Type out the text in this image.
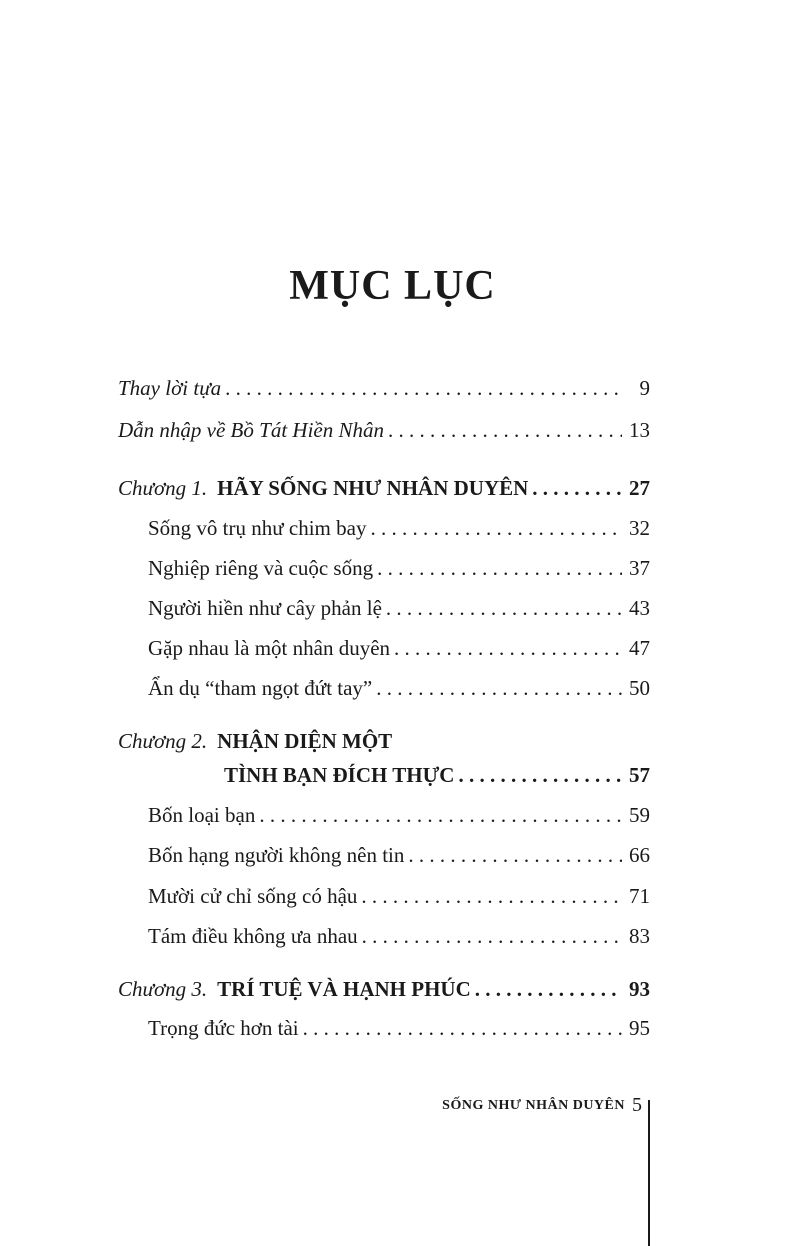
MỤC LỤC
Thay lời tựa . . .	9
Dẫn nhập về Bồ Tát Hiền Nhân . . .	13
Chương 1. HÃY SỐNG NHƯ NHÂN DUYÊN . . .	27
Sống vô trụ như chim bay . . .	32
Nghiệp riêng và cuộc sống . . .	37
Người hiền như cây phản lệ . . .	43
Gặp nhau là một nhân duyên . . .	47
Ẩn dụ “tham ngọt đứt tay” . . .	50
Chương 2. NHẬN DIỆN MỘT
TÌNH BẠN ĐÍCH THỰC . . .	57
Bốn loại bạn . . .	59
Bốn hạng người không nên tin . . .	66
Mười cử chỉ sống có hậu . . .	71
Tám điều không ưa nhau . . .	83
Chương 3. TRÍ TUỆ VÀ HẠNH PHÚC . . .	93
Trọng đức hơn tài . . .	95
SỐNG NHƯ NHÂN DUYÊN 5
